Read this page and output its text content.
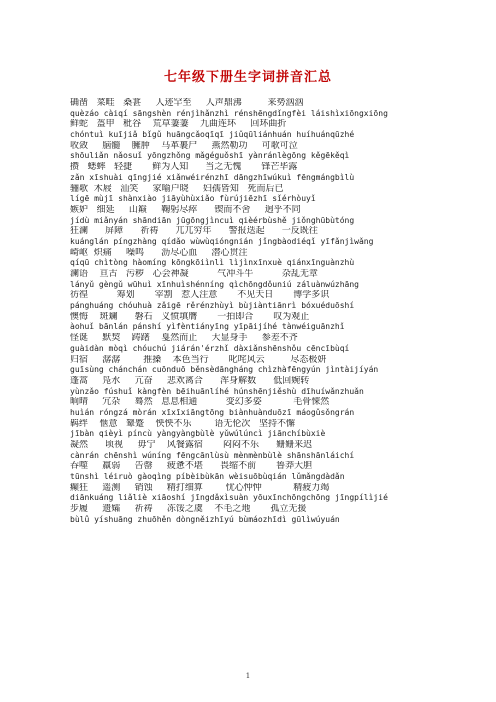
七年级下册生字词拼音汇总
确凿   菜畦   桑葚     人迹罕至     人声鼎沸         来势汹汹
quèzáo càiqí sāngshèn rénjìhǎnzhì rénshēngdǐngfèi láishìxiōngxiōng
鲜蛇   盔甲   秕谷    荒草萋萋    九曲连环     回环曲折
chóntuì kuījiǎ bǐgǔ huāngcǎoqīqī jiǔqūliánhuán huíhuánqūzhé
收敛     脑髓    臃肿    马革裹尸     燕然勒功     可歌可泣
shōuliǎn nǎosuǐ yōngzhǒng mǎgéguǒshī yànránlègōng kěgēkěqì
攒   蟋蟀   轻捷       鲜为人知      当之无愧       锋芒毕露
zǎn xīshuài qīngjié xiǎnwéirénzhī dāngzhīwúkuì fēngmángbìlù
骊歌  木屐   汕笑     家喻户晓     妇孺皆知   死而后已
lígē mùjī shànxiào jiāyùhùxiǎo fùrújiēzhī sǐérhòuyǐ
嫉妒   细延     山巅     鞠躬尽瘁      锲而不舍     迥乎不同
jídù miǎnyán shāndiān jūgōngjìncuì qièérbùshě jiǒnghūbùtóng
狂澜      屏障      祈祷      兀兀穷年      警报迭起      一反既往
kuánglán píngzhàng qídǎo wùwùqióngnián jǐngbàodiéqǐ yīfǎnjìwǎng
崎岖  炽痛     噪鸣      沥尽心血     潜心贯注
qíqū chìtòng hàomíng kōngkōiìnlì lìjìnxīnxuè qiánxīnguànzhù
澜语    亘古   污秽   心会神凝          气冲斗牛          杂乱无章
lányǔ gèngǔ wūhuì xīnhuìshénníng qìchōngdǒuniú záluànwúzhāng
彷徨          筹划       宰割   惹人注意       不见天日       博学多识
pánghuáng chóuhuà zǎigē rěrénzhùyì bùjiàntiānrì bóxuéduōshí
懊悔    斑斓      磐石   义愤填膺       一拍即合       叹为观止
àohuǐ bānlán pánshí yìfèntiányīng yīpāijíhé tànwéiguānzhǐ
怪诞     默契    踌躇    戛然而止     大显身手     参差不齐
guàidàn mòqì chóuchú jiárán'érzhǐ dàxiǎnshēnshǒu cēncībùqí
归宿     潺潺        推搡    本色当行       叱咤风云         尽态极妍
guīsùng chánchán cuōnduō běnsèdāngháng chìzhàfēngyún jìntàijíyán
蓬蒿     凫水     亢奋     悲欢离合      浑身解数      低回婉转
yùnzǎo fúshuǐ kàngfèn bēihuānlíhé húnshēnjiěshù dīhuíwǎnzhuǎn
晌晴     冗杂     蓦然   息息相通          变幻多姿           毛骨悚然
huìán róngzá mòrán xīxīxiāngtōng biànhuànduōzī máogǔsǒngrán
羁绊    惬意   颦蹙    怏怏不乐        语无伦次   坚持不懈
jībàn qièyì píncù yàngyàngbùlè yǔwúlúncì jiānchíbùxiè
凝然      顷视     毋宁    风餐露宿       闷闷不乐      姗姗来迟
cànrán chēnshì wúníng fēngcānlùsù mènmènbùlè shānshānláichí
吞噬     羸弱     告罄     疲惫不堪      畏缩不前       鲁莽大胆
tūnshì léiruò gàoqìng píbèibùkān wèisuōbùqián lǔmǎngdàdǎn
癫狂     遥测     销蚀     精打细算        忧心忡忡           精疲力竭
diānkuáng liǎliè xiāoshí jīngdǎxìsuàn yōuxīnchōngchōng jīngpílìjié
步履     遗孀     祈祷     冻馁之虞    不毛之地       孤立无援
bùlǚ yíshuāng zhuōhěn dòngněizhīyú bùmáozhīdì gūlìwúyuán
1
